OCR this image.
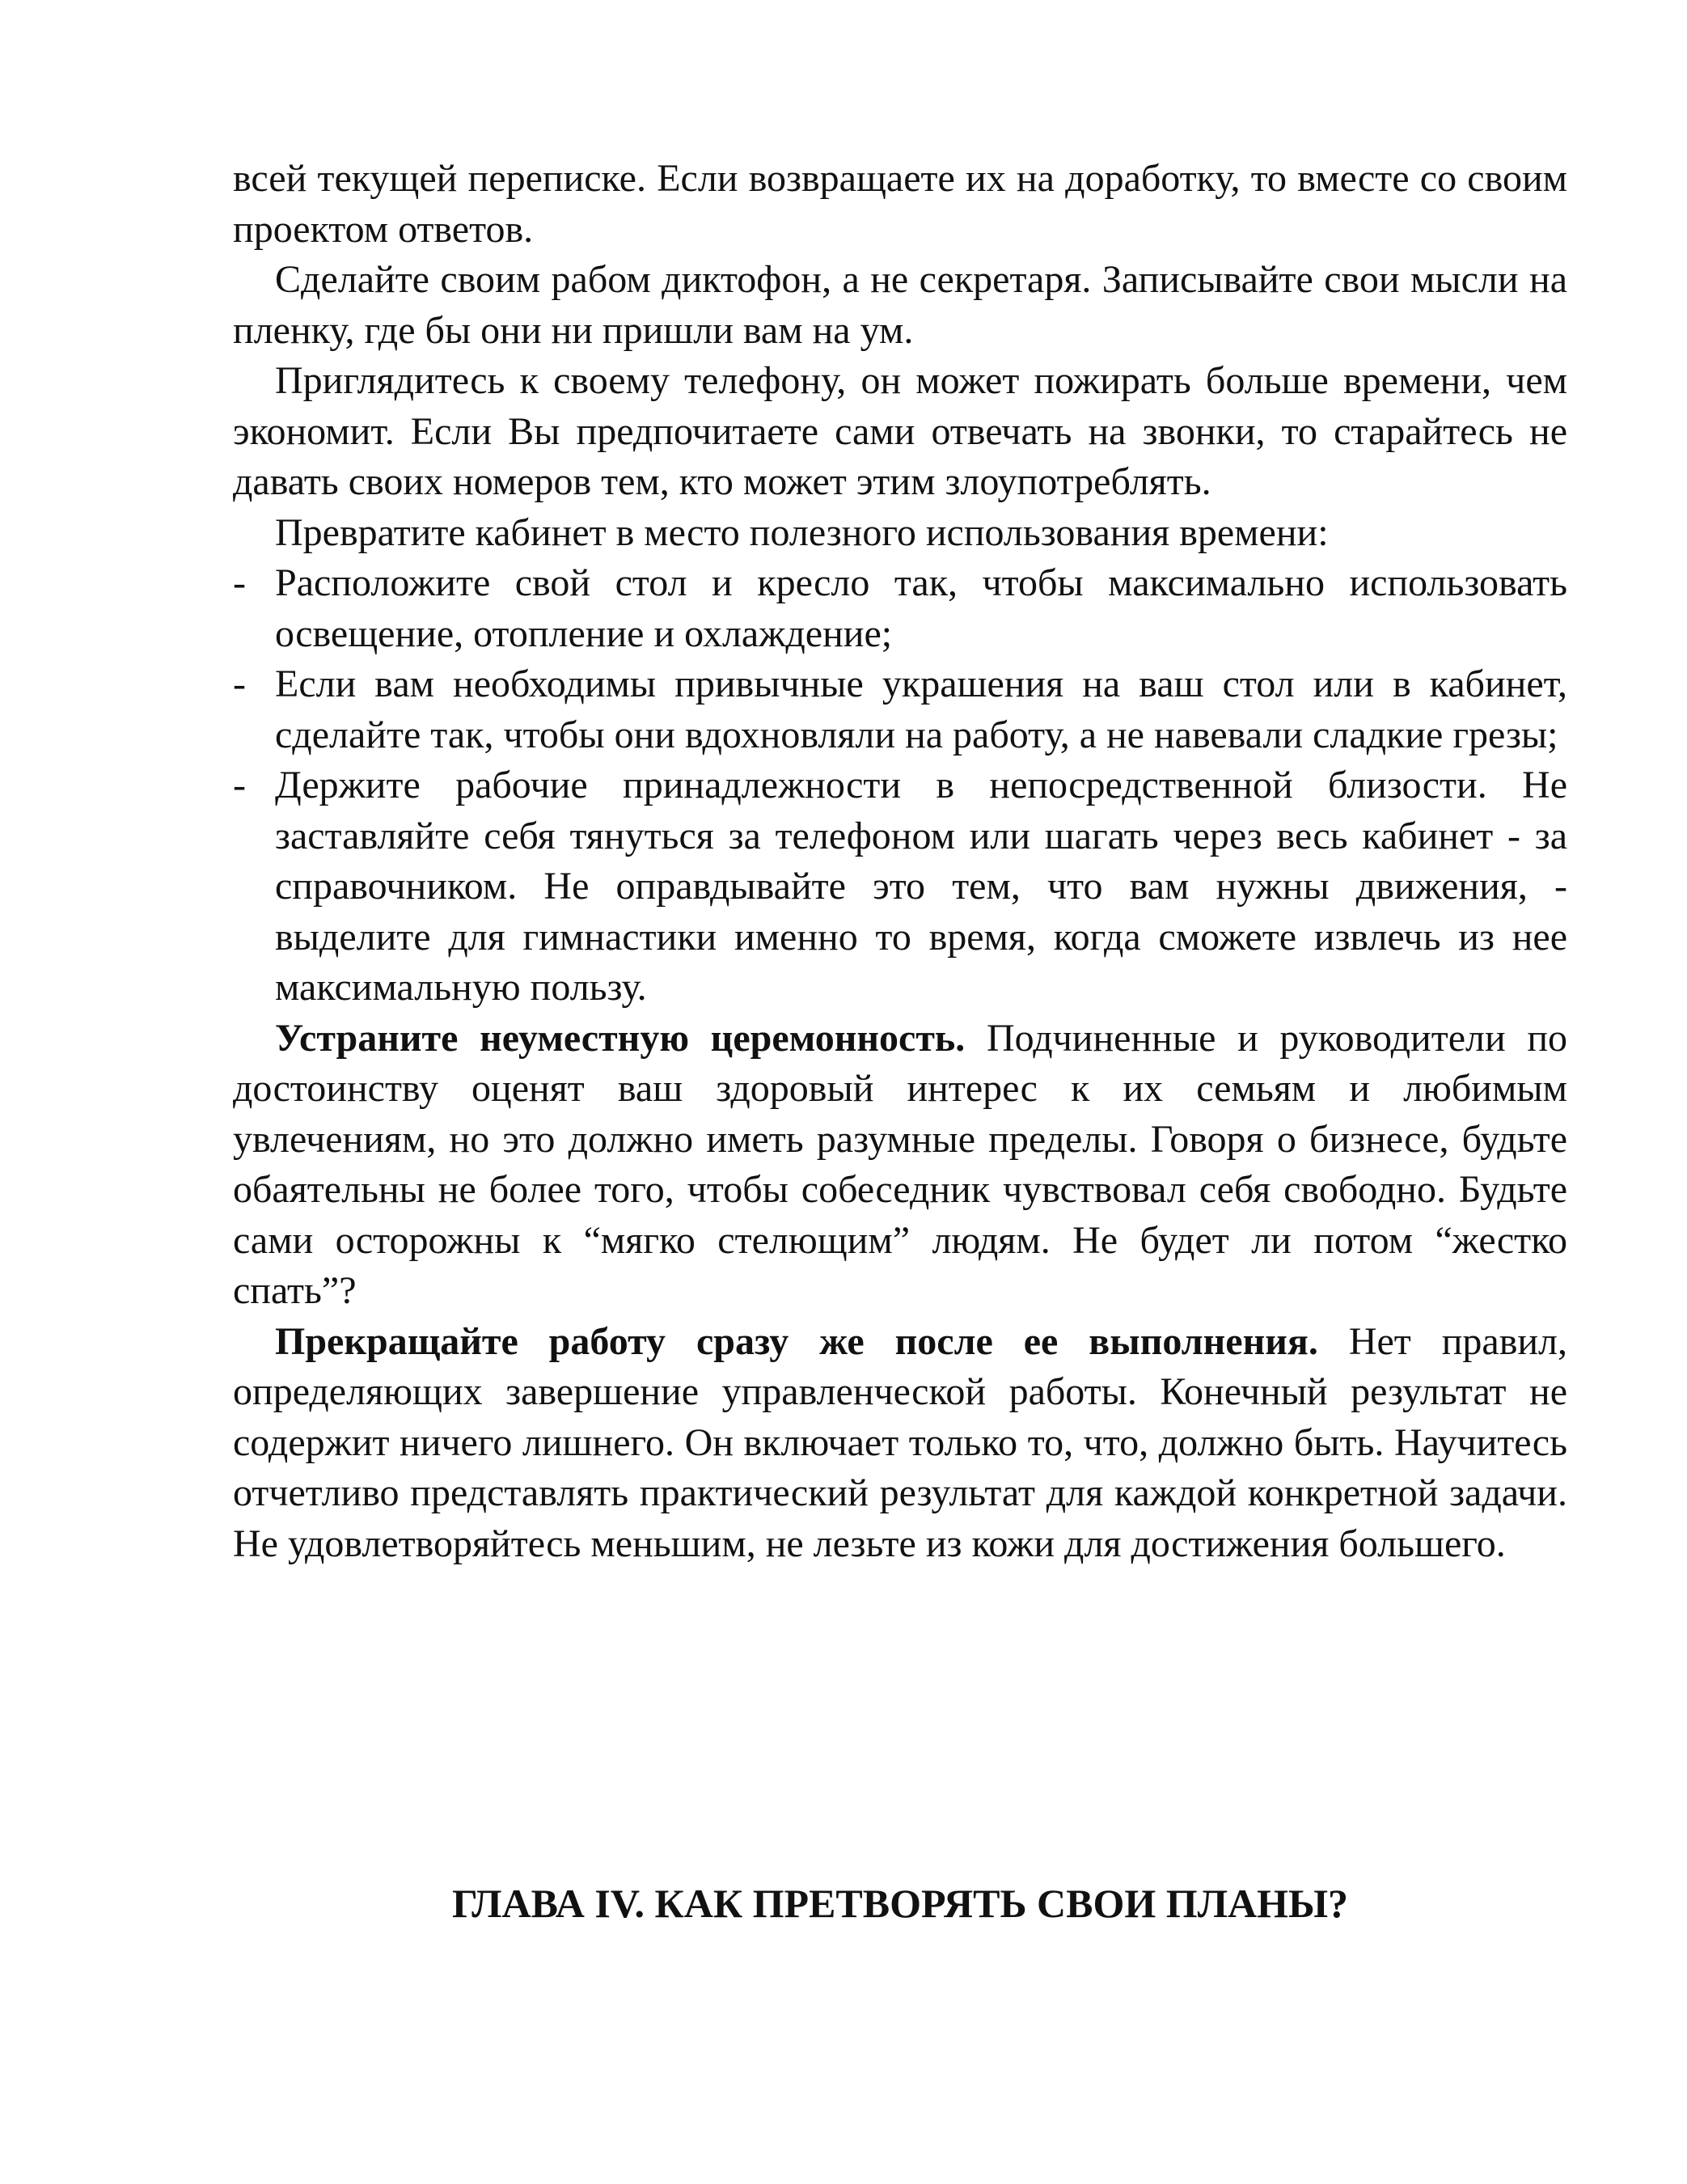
всей текущей переписке. Если возвращаете их на доработку, то вместе со своим проектом ответов.

Сделайте своим рабом диктофон, а не секретаря. Записывайте свои мысли на пленку, где бы они ни пришли вам на ум.

Приглядитесь к своему телефону, он может пожирать больше времени, чем экономит. Если Вы предпочитаете сами отвечать на звонки, то старайтесь не давать своих номеров тем, кто может этим злоупотреблять.

Превратите кабинет в место полезного использования времени:

- Расположите свой стол и кресло так, чтобы максимально использовать освещение, отопление и охлаждение;
- Если вам необходимы привычные украшения на ваш стол или в кабинет, сделайте так, чтобы они вдохновляли на работу, а не навевали сладкие грезы;
- Держите рабочие принадлежности в непосредственной близости. Не заставляйте себя тянуться за телефоном или шагать через весь кабинет - за справочником. Не оправдывайте это тем, что вам нужны движения, - выделите для гимнастики именно то время, когда сможете извлечь из нее максимальную пользу.

Устраните неуместную церемонность. Подчиненные и руководители по достоинству оценят ваш здоровый интерес к их семьям и любимым увлечениям, но это должно иметь разумные пределы. Говоря о бизнесе, будьте обаятельны не более того, чтобы собеседник чувствовал себя свободно. Будьте сами осторожны к “мягко стелющим” людям. Не будет ли потом “жестко спать”?

Прекращайте работу сразу же после ее выполнения. Нет правил, определяющих завершение управленческой работы. Конечный результат не содержит ничего лишнего. Он включает только то, что, должно быть. Научитесь отчетливо представлять практический результат для каждой конкретной задачи. Не удовлетворяйтесь меньшим, не лезьте из кожи для достижения большего.

ГЛАВА IV. КАК ПРЕТВОРЯТЬ СВОИ ПЛАНЫ?
